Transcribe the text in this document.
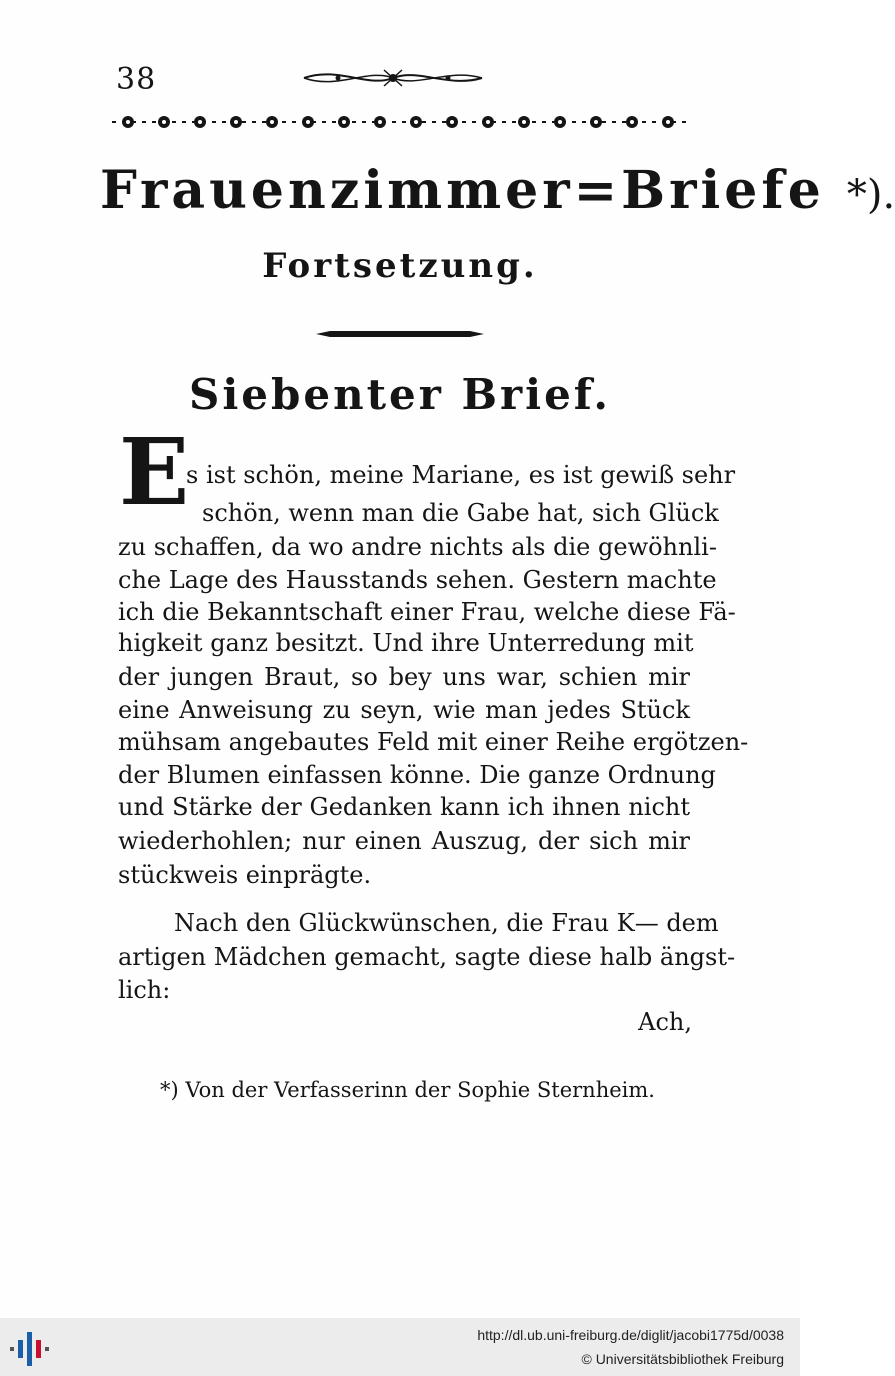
38
Frauenzimmer=Briefe *).
Fortsetzung.
Siebenter Brief.
E
s ist schön, meine Mariane, es ist gewiß sehr
schön, wenn man die Gabe hat, sich Glück
zu schaffen, da wo andre nichts als die gewöhnli-
che Lage des Hausstands sehen. Gestern machte
ich die Bekanntschaft einer Frau, welche diese Fä-
higkeit ganz besitzt. Und ihre Unterredung mit
der jungen Braut, so bey uns war, schien mir
eine Anweisung zu seyn, wie man jedes Stück
mühsam angebautes Feld mit einer Reihe ergötzen-
der Blumen einfassen könne. Die ganze Ordnung
und Stärke der Gedanken kann ich ihnen nicht
wiederhohlen; nur einen Auszug, der sich mir
stückweis einprägte.
Nach den Glückwünschen, die Frau K— dem
artigen Mädchen gemacht, sagte diese halb ängst-
lich:
Ach,
*) Von der Verfasserinn der Sophie Sternheim.
http://dl.ub.uni-freiburg.de/diglit/jacobi1775d/0038
© Universitätsbibliothek Freiburg
